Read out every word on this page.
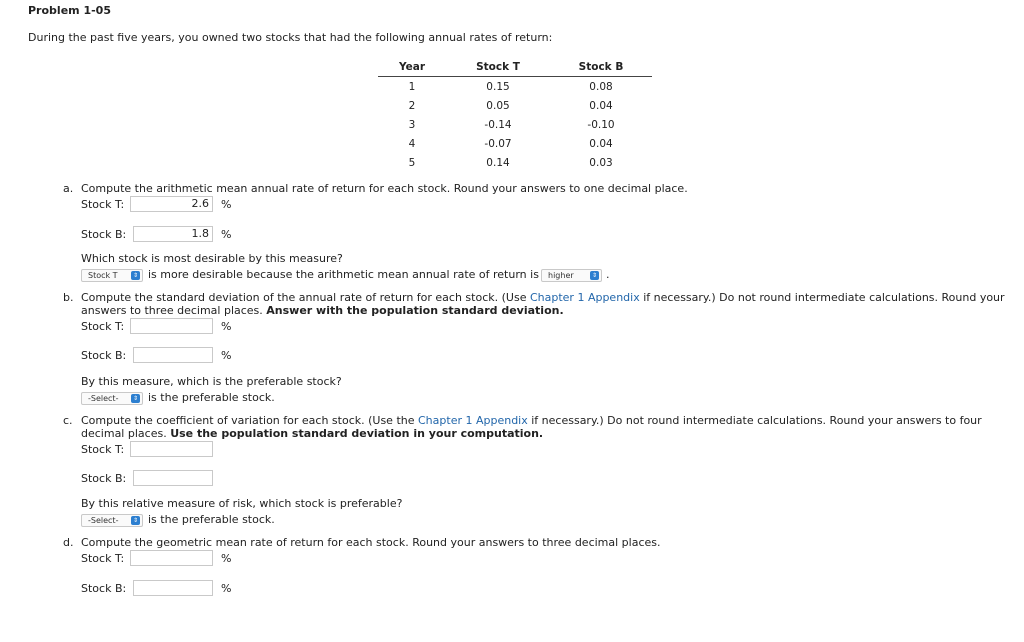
Problem 1-05
During the past five years, you owned two stocks that had the following annual rates of return:
Year	Stock T	Stock B
1	0.15	0.08
2	0.05	0.04
3	-0.14	-0.10
4	-0.07	0.04
5	0.14	0.03
a. Compute the arithmetic mean annual rate of return for each stock. Round your answers to one decimal place.
Stock T:	2.6	%
Stock B:	1.8	%
Which stock is most desirable by this measure?
Stock T	⇕ is more desirable because the arithmetic mean annual rate of return is	higher	⇕ .
b. Compute the standard deviation of the annual rate of return for each stock. (Use Chapter 1 Appendix if necessary.) Do not round intermediate calculations. Round your
answers to three decimal places. Answer with the population standard deviation.
Stock T:	%
Stock B:	%
By this measure, which is the preferable stock?
-Select-	⇕ is the preferable stock.
c. Compute the coefficient of variation for each stock. (Use the Chapter 1 Appendix if necessary.) Do not round intermediate calculations. Round your answers to four
decimal places. Use the population standard deviation in your computation.
Stock T:
Stock B:
By this relative measure of risk, which stock is preferable?
-Select-	⇕ is the preferable stock.
d. Compute the geometric mean rate of return for each stock. Round your answers to three decimal places.
Stock T:	%
Stock B:	%
